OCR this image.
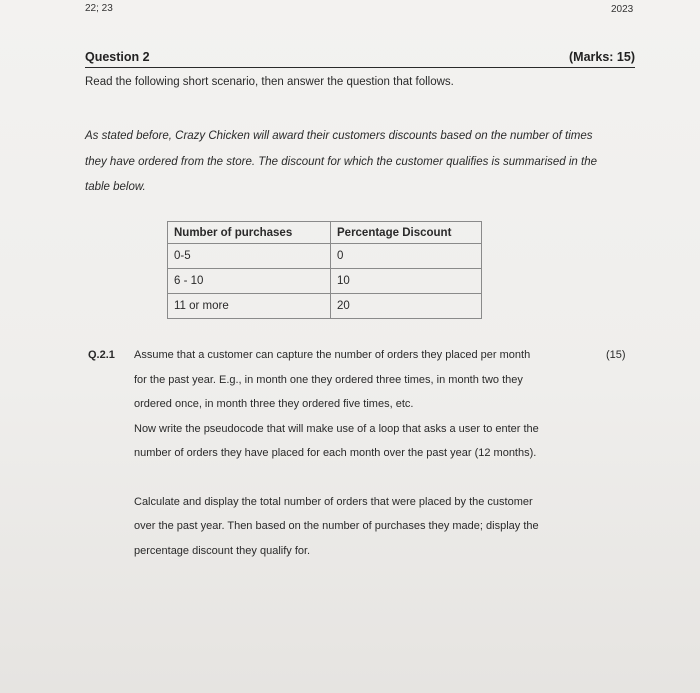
22; 23	2023
Question 2	(Marks: 15)
Read the following short scenario, then answer the question that follows.
As stated before, Crazy Chicken will award their customers discounts based on the number of times
they have ordered from the store. The discount for which the customer qualifies is summarised in the
table below.
Number of purchases	Percentage Discount
0-5	0
6 - 10	10
11 or more	20
Q.2.1	(15)

Assume that a customer can capture the number of orders they placed per month

for the past year. E.g., in month one they ordered three times, in month two they

ordered once, in month three they ordered five times, etc.

Now write the pseudocode that will make use of a loop that asks a user to enter the

number of orders they have placed for each month over the past year (12 months).

Calculate and display the total number of orders that were placed by the customer

over the past year. Then based on the number of purchases they made; display the

percentage discount they qualify for.
